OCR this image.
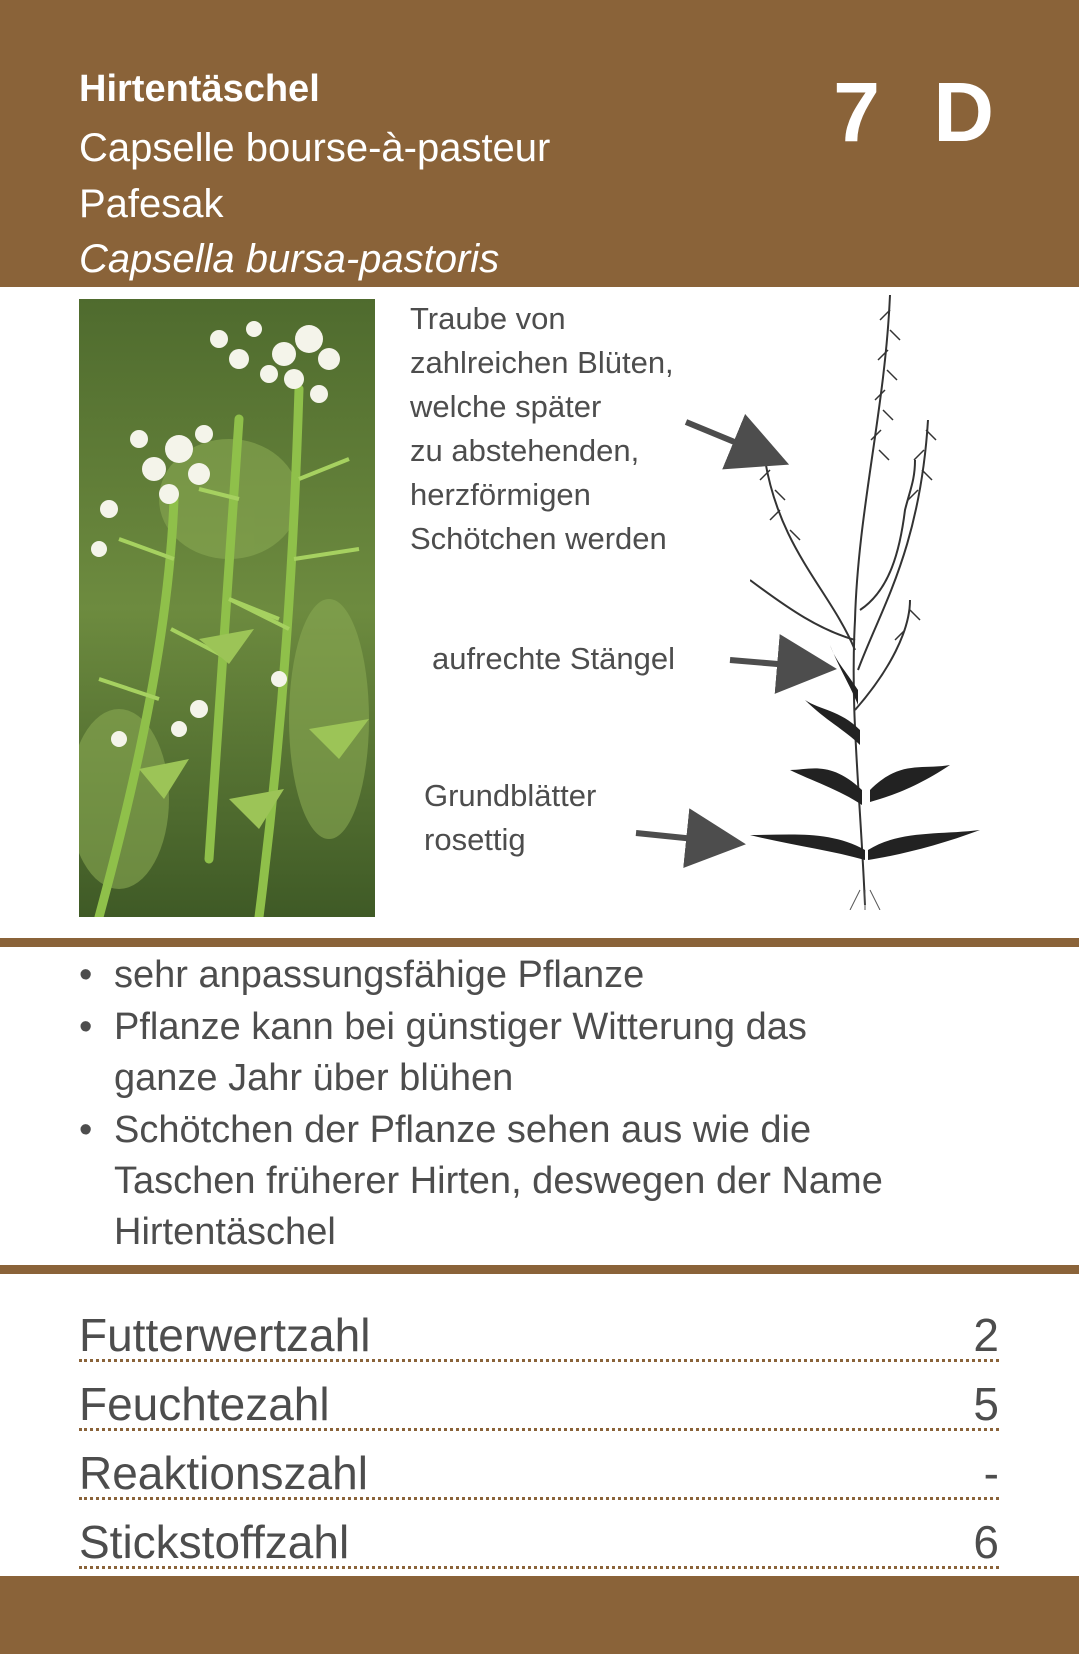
Hirtentäschel
Capselle bourse-à-pasteur
Pafesak
Capsella bursa-pastoris
7 D
Traube von
zahlreichen Blüten,
welche später
zu abstehenden,
herzförmigen
Schötchen werden
aufrechte Stängel
Grundblätter
rosettig
• sehr anpassungsfähige Pflanze
• Pflanze kann bei günstiger Witterung das
ganze Jahr über blühen
• Schötchen der Pflanze sehen aus wie die
Taschen früherer Hirten, deswegen der Name
Hirtentäschel
Futterwertzahl	2
Feuchtezahl	5
Reaktionszahl	-
Stickstoffzahl	6
